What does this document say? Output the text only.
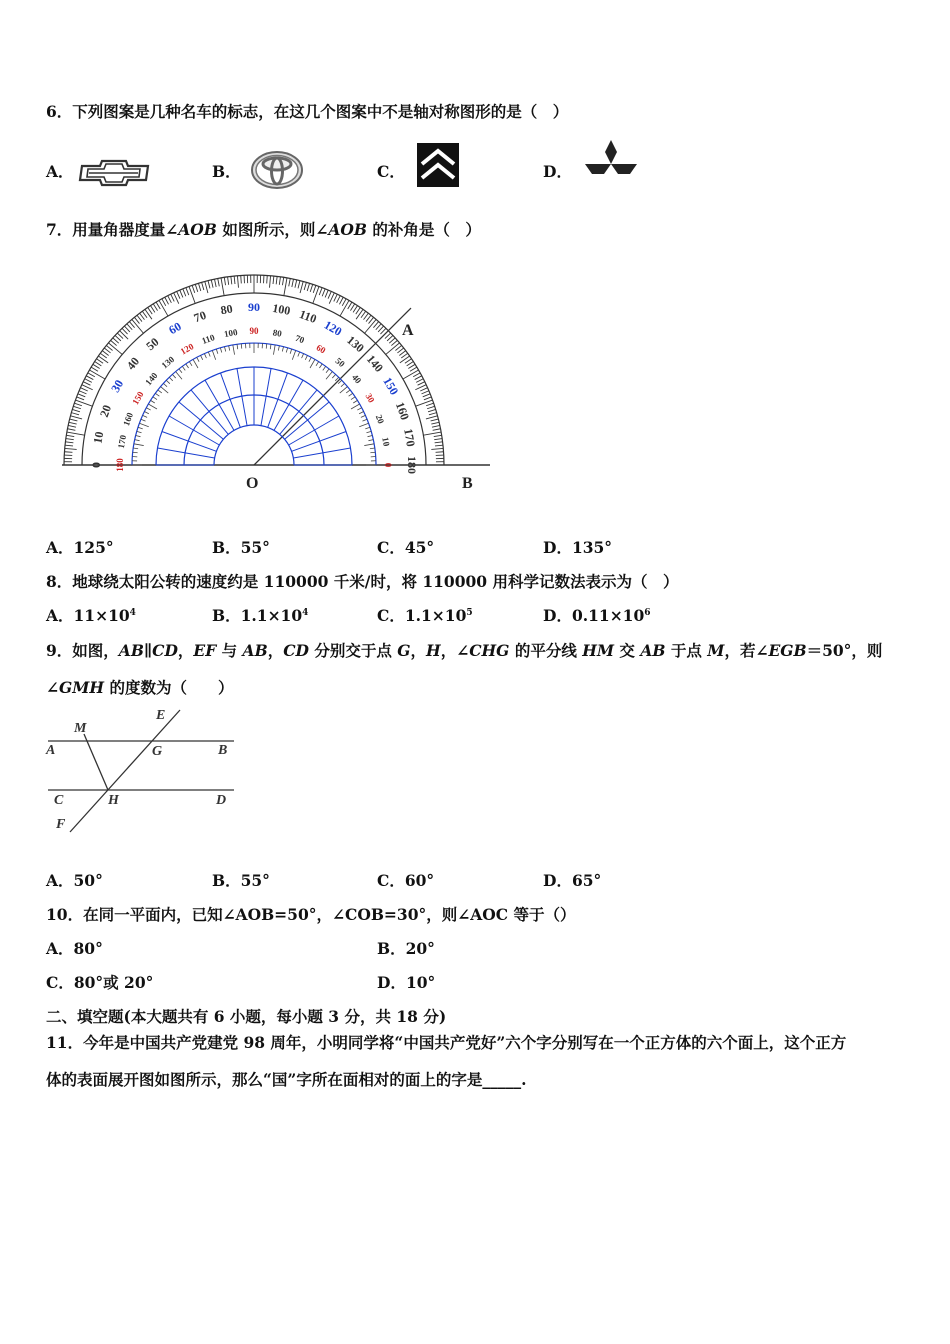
6．下列图案是几种名车的标志，在这几个图案中不是轴对称图形的是（　）
A．	B．	C．	D．
7．用量角器度量∠AOB 如图所示，则∠AOB 的补角是（　）
0
10
20
30
40
50
60
70 80 90 100 110
120
130
140
150
160
170
180
180
170
160
150
140
130
120
110 100 90 80 70
60
50
40
30
20
10
0
A
O	B
A．125°	B．55°	C．45°	D．135°
8．地球绕太阳公转的速度约是 110000 千米/时，将 110000 用科学记数法表示为（　）
A．$11\times 10^4$	B．$1.1\times 10^4$	C．$1.1\times 10^5$	D．$0.11\times 10^6$
9．如图，AB∥CD，EF 与 AB，CD 分别交于点 G，H，∠CHG 的平分线 HM 交 AB 于点 M，若∠EGB＝50°，则
∠GMH 的度数为（　　）
M
E
A	G	B
C	H	D
F
A．50°	B．55°	C．60°	D．65°
10．在同一平面内，已知∠AOB=50°，∠COB=30°，则∠AOC 等于（）
A．80°	B．20°
C．80°或 20°	D．10°
二、填空题(本大题共有 6 小题，每小题 3 分，共 18 分)
11．今年是中国共产党建党 98 周年，小明同学将“中国共产党好”六个字分别写在一个正方体的六个面上，这个正方
体的表面展开图如图所示，那么“国”字所在面相对的面上的字是_____.
